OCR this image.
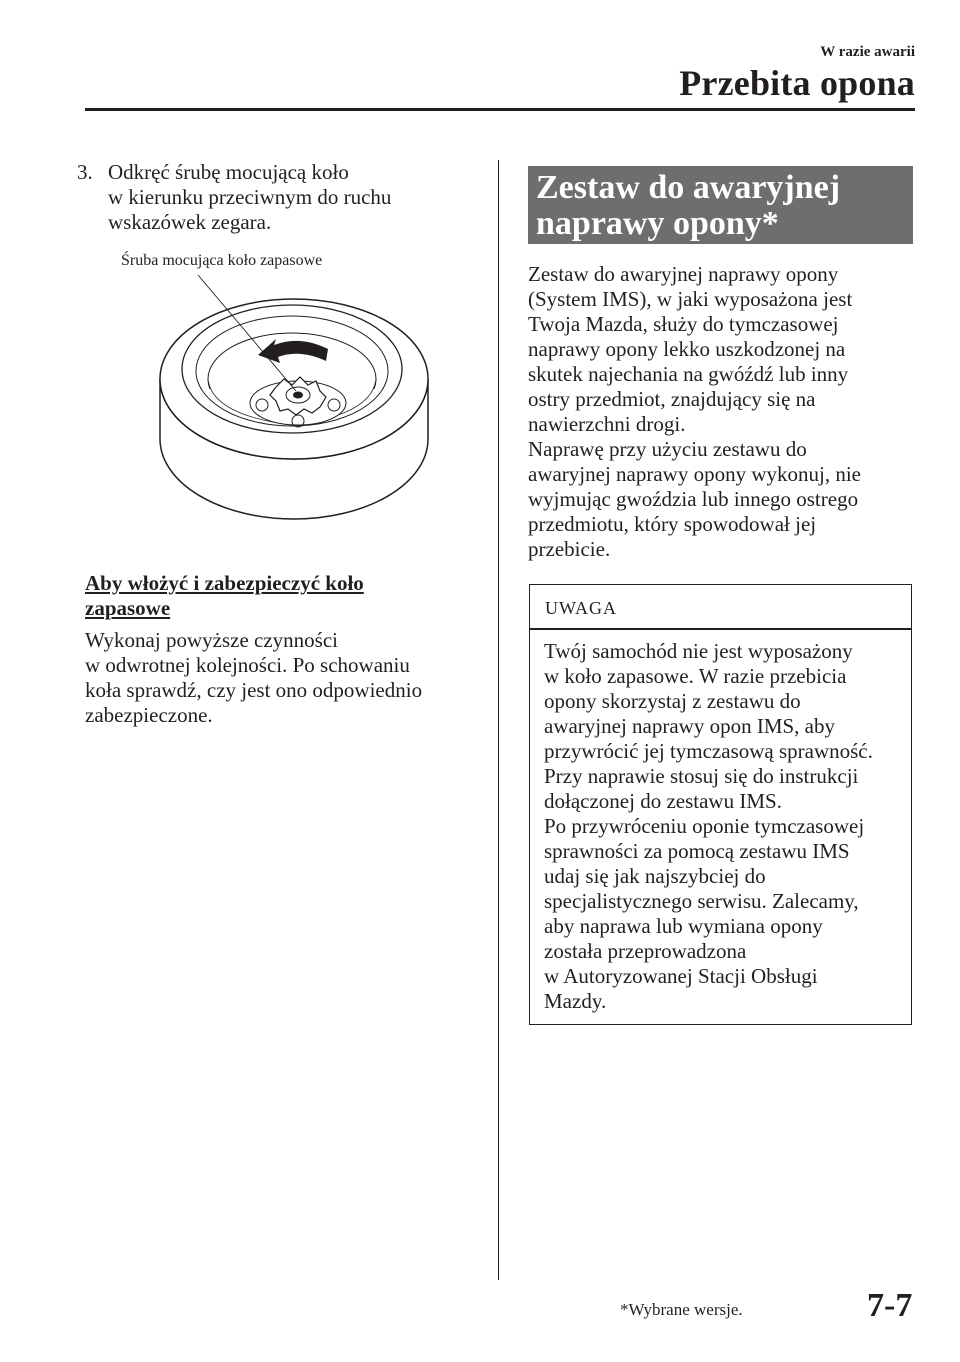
W razie awarii
Przebita opona
3. Odkręć śrubę mocującą koło
w kierunku przeciwnym do ruchu
wskazówek zegara.
Śruba mocująca koło zapasowe
Aby włożyć i zabezpieczyć koło
zapasowe
Wykonaj powyższe czynności
w odwrotnej kolejności. Po schowaniu
koła sprawdź, czy jest ono odpowiednio
zabezpieczone.
Zestaw do awaryjnej
naprawy opony*
Zestaw do awaryjnej naprawy opony
(System IMS), w jaki wyposażona jest
Twoja Mazda, służy do tymczasowej
naprawy opony lekko uszkodzonej na
skutek najechania na gwóźdź lub inny
ostry przedmiot, znajdujący się na
nawierzchni drogi.
Naprawę przy użyciu zestawu do
awaryjnej naprawy opony wykonuj, nie
wyjmując gwoździa lub innego ostrego
przedmiotu, który spowodował jej
przebicie.
UWAGA
Twój samochód nie jest wyposażony
w koło zapasowe. W razie przebicia
opony skorzystaj z zestawu do
awaryjnej naprawy opon IMS, aby
przywrócić jej tymczasową sprawność.
Przy naprawie stosuj się do instrukcji
dołączonej do zestawu IMS.
Po przywróceniu oponie tymczasowej
sprawności za pomocą zestawu IMS
udaj się jak najszybciej do
specjalistycznego serwisu. Zalecamy,
aby naprawa lub wymiana opony
została przeprowadzona
w Autoryzowanej Stacji Obsługi
Mazdy.
*Wybrane wersje.	7-7
